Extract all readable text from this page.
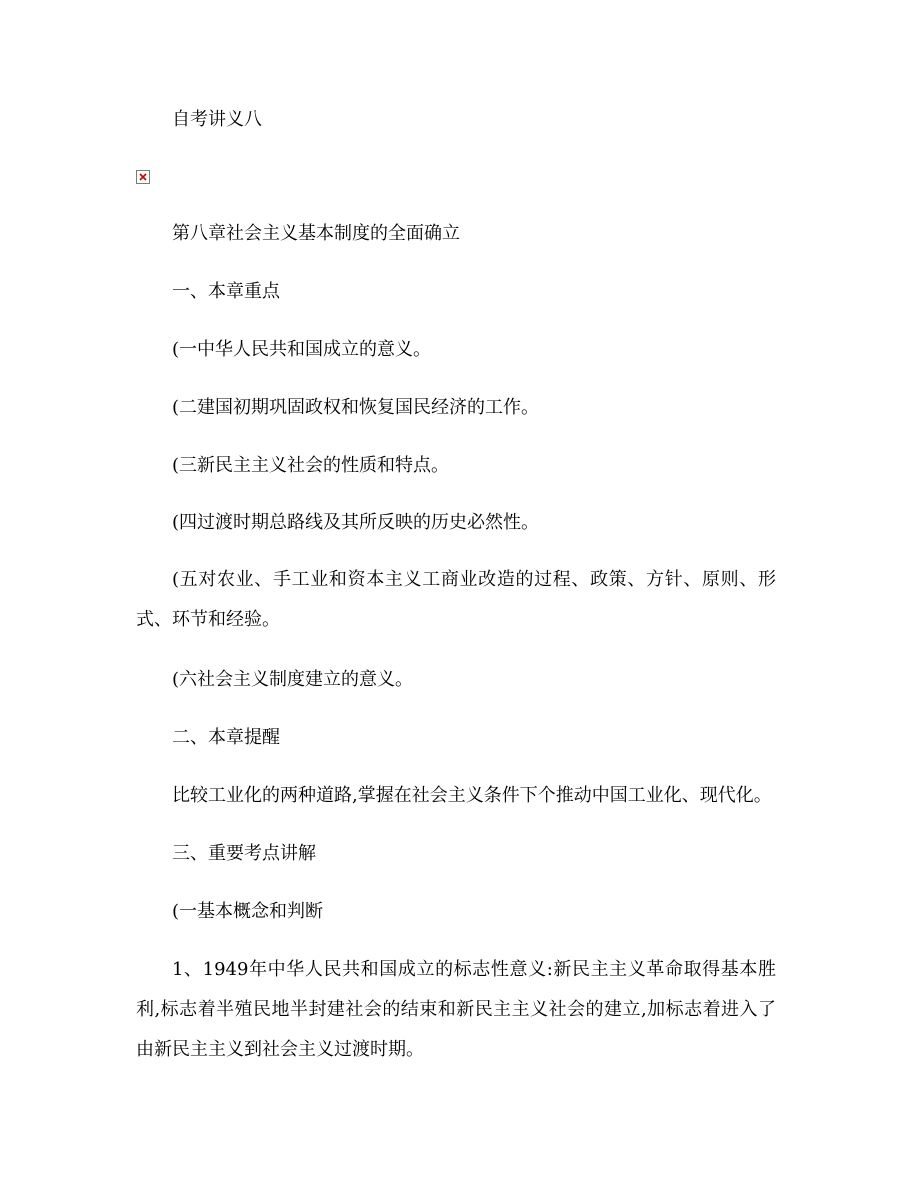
自考讲义八
第八章社会主义基本制度的全面确立
一、本章重点
(一中华人民共和国成立的意义。
(二建国初期巩固政权和恢复国民经济的工作。
(三新民主主义社会的性质和特点。
(四过渡时期总路线及其所反映的历史必然性。
(五对农业、手工业和资本主义工商业改造的过程、政策、方针、原则、形式、环节和经验。
(六社会主义制度建立的意义。
二、本章提醒
比较工业化的两种道路,掌握在社会主义条件下个推动中国工业化、现代化。
三、重要考点讲解
(一基本概念和判断
1、1949年中华人民共和国成立的标志性意义:新民主主义革命取得基本胜利,标志着半殖民地半封建社会的结束和新民主主义社会的建立,加标志着进入了由新民主主义到社会主义过渡时期。
